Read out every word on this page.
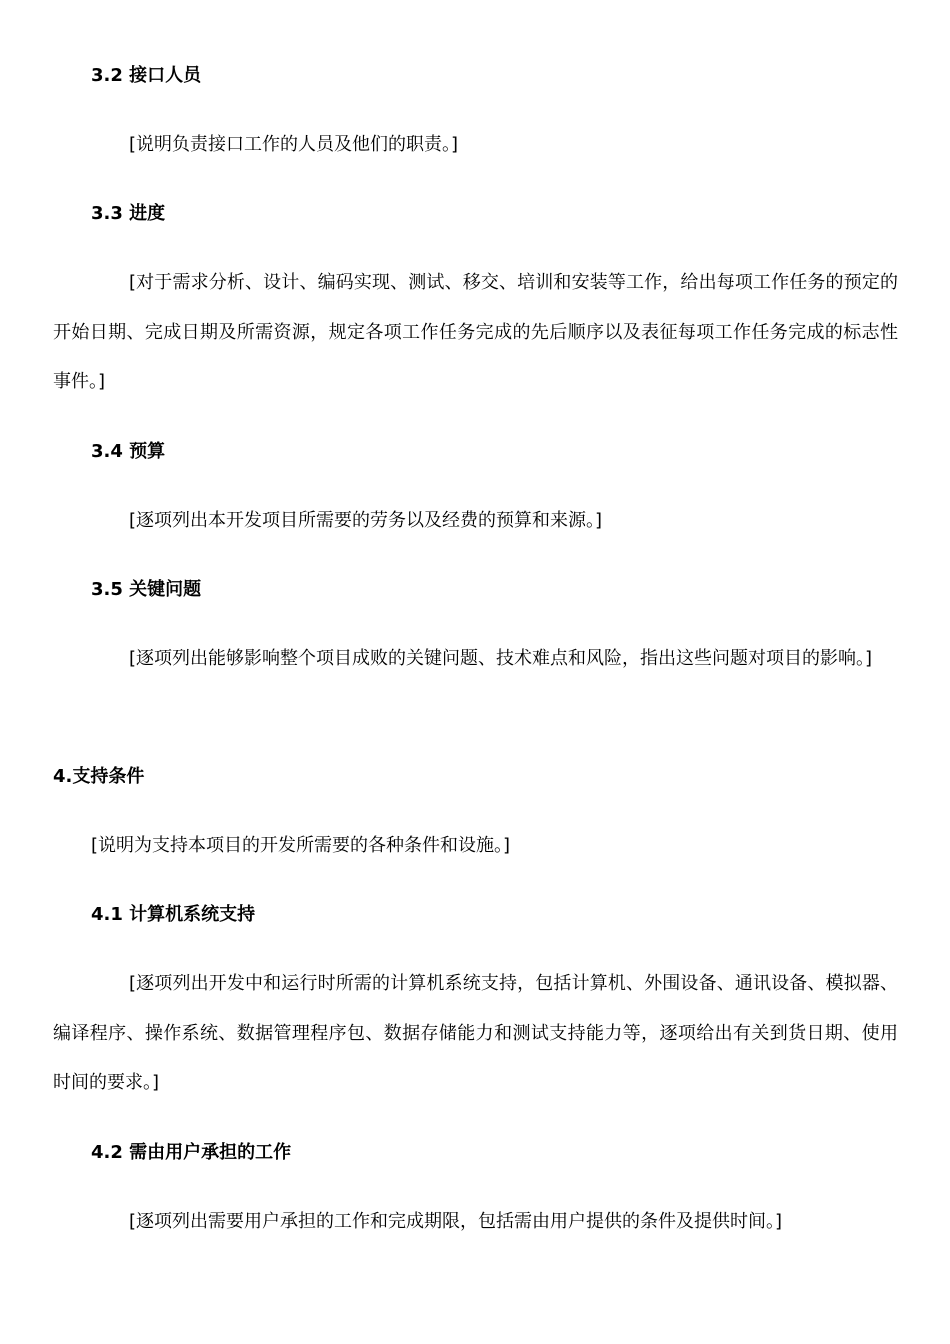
3.2 接口人员

[说明负责接口工作的人员及他们的职责。]

3.3 进度

[对于需求分析、设计、编码实现、测试、移交、培训和安装等工作，给出每项工作任务的预定的开始日期、完成日期及所需资源，规定各项工作任务完成的先后顺序以及表征每项工作任务完成的标志性事件。]

3.4 预算

[逐项列出本开发项目所需要的劳务以及经费的预算和来源。]

3.5 关键问题

[逐项列出能够影响整个项目成败的关键问题、技术难点和风险，指出这些问题对项目的影响。]

4.支持条件

[说明为支持本项目的开发所需要的各种条件和设施。]

4.1 计算机系统支持

[逐项列出开发中和运行时所需的计算机系统支持，包括计算机、外围设备、通讯设备、模拟器、编译程序、操作系统、数据管理程序包、数据存储能力和测试支持能力等，逐项给出有关到货日期、使用时间的要求。]

4.2 需由用户承担的工作

[逐项列出需要用户承担的工作和完成期限，包括需由用户提供的条件及提供时间。]
